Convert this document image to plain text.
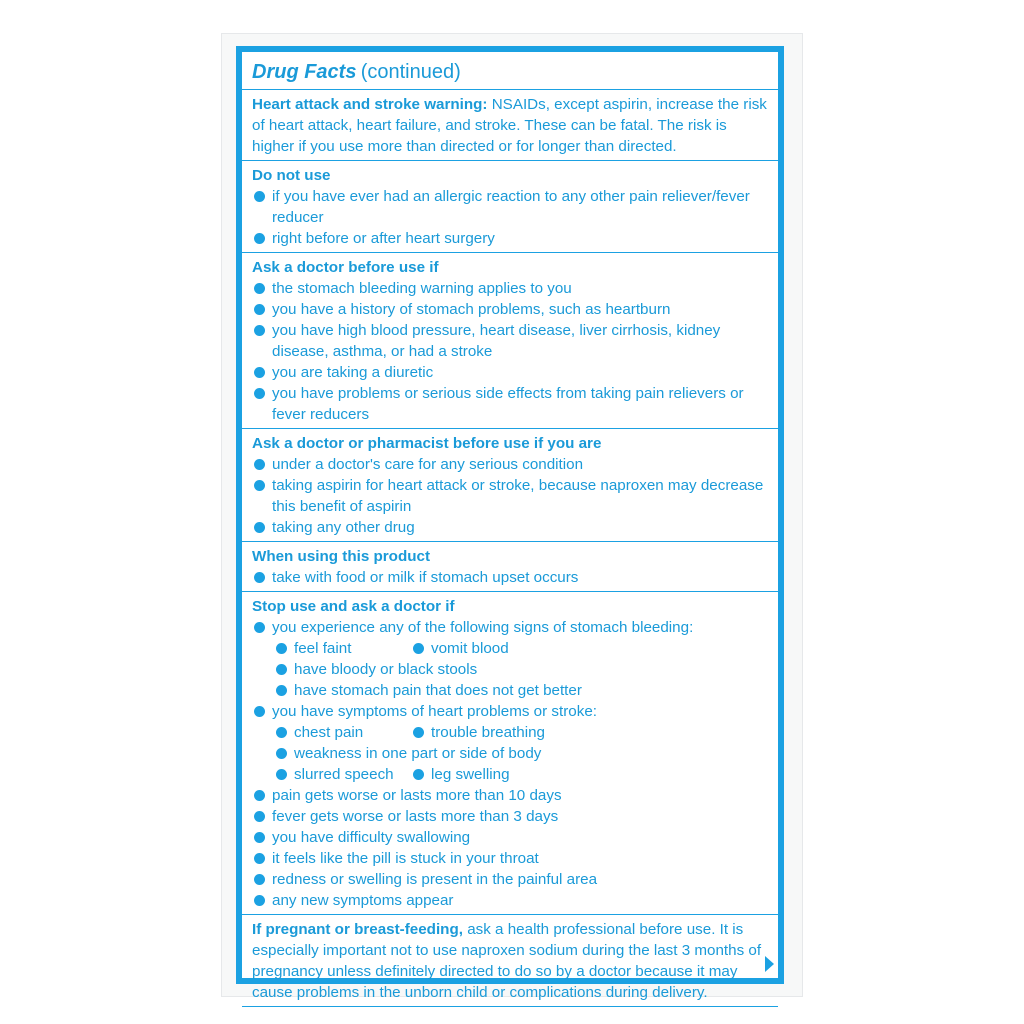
Drug Facts (continued)
Heart attack and stroke warning: NSAIDs, except aspirin, increase the risk of heart attack, heart failure, and stroke. These can be fatal. The risk is higher if you use more than directed or for longer than directed.
Do not use
if you have ever had an allergic reaction to any other pain reliever/fever reducer
right before or after heart surgery
Ask a doctor before use if
the stomach bleeding warning applies to you
you have a history of stomach problems, such as heartburn
you have high blood pressure, heart disease, liver cirrhosis, kidney disease, asthma, or had a stroke
you are taking a diuretic
you have problems or serious side effects from taking pain relievers or fever reducers
Ask a doctor or pharmacist before use if you are
under a doctor's care for any serious condition
taking aspirin for heart attack or stroke, because naproxen may decrease this benefit of aspirin
taking any other drug
When using this product
take with food or milk if stomach upset occurs
Stop use and ask a doctor if
you experience any of the following signs of stomach bleeding:
feel faint	vomit blood
have bloody or black stools
have stomach pain that does not get better
you have symptoms of heart problems or stroke:
chest pain	trouble breathing
weakness in one part or side of body
slurred speech	leg swelling
pain gets worse or lasts more than 10 days
fever gets worse or lasts more than 3 days
you have difficulty swallowing
it feels like the pill is stuck in your throat
redness or swelling is present in the painful area
any new symptoms appear
If pregnant or breast-feeding, ask a health professional before use. It is especially important not to use naproxen sodium during the last 3 months of pregnancy unless definitely directed to do so by a doctor because it may cause problems in the unborn child or complications during delivery.
